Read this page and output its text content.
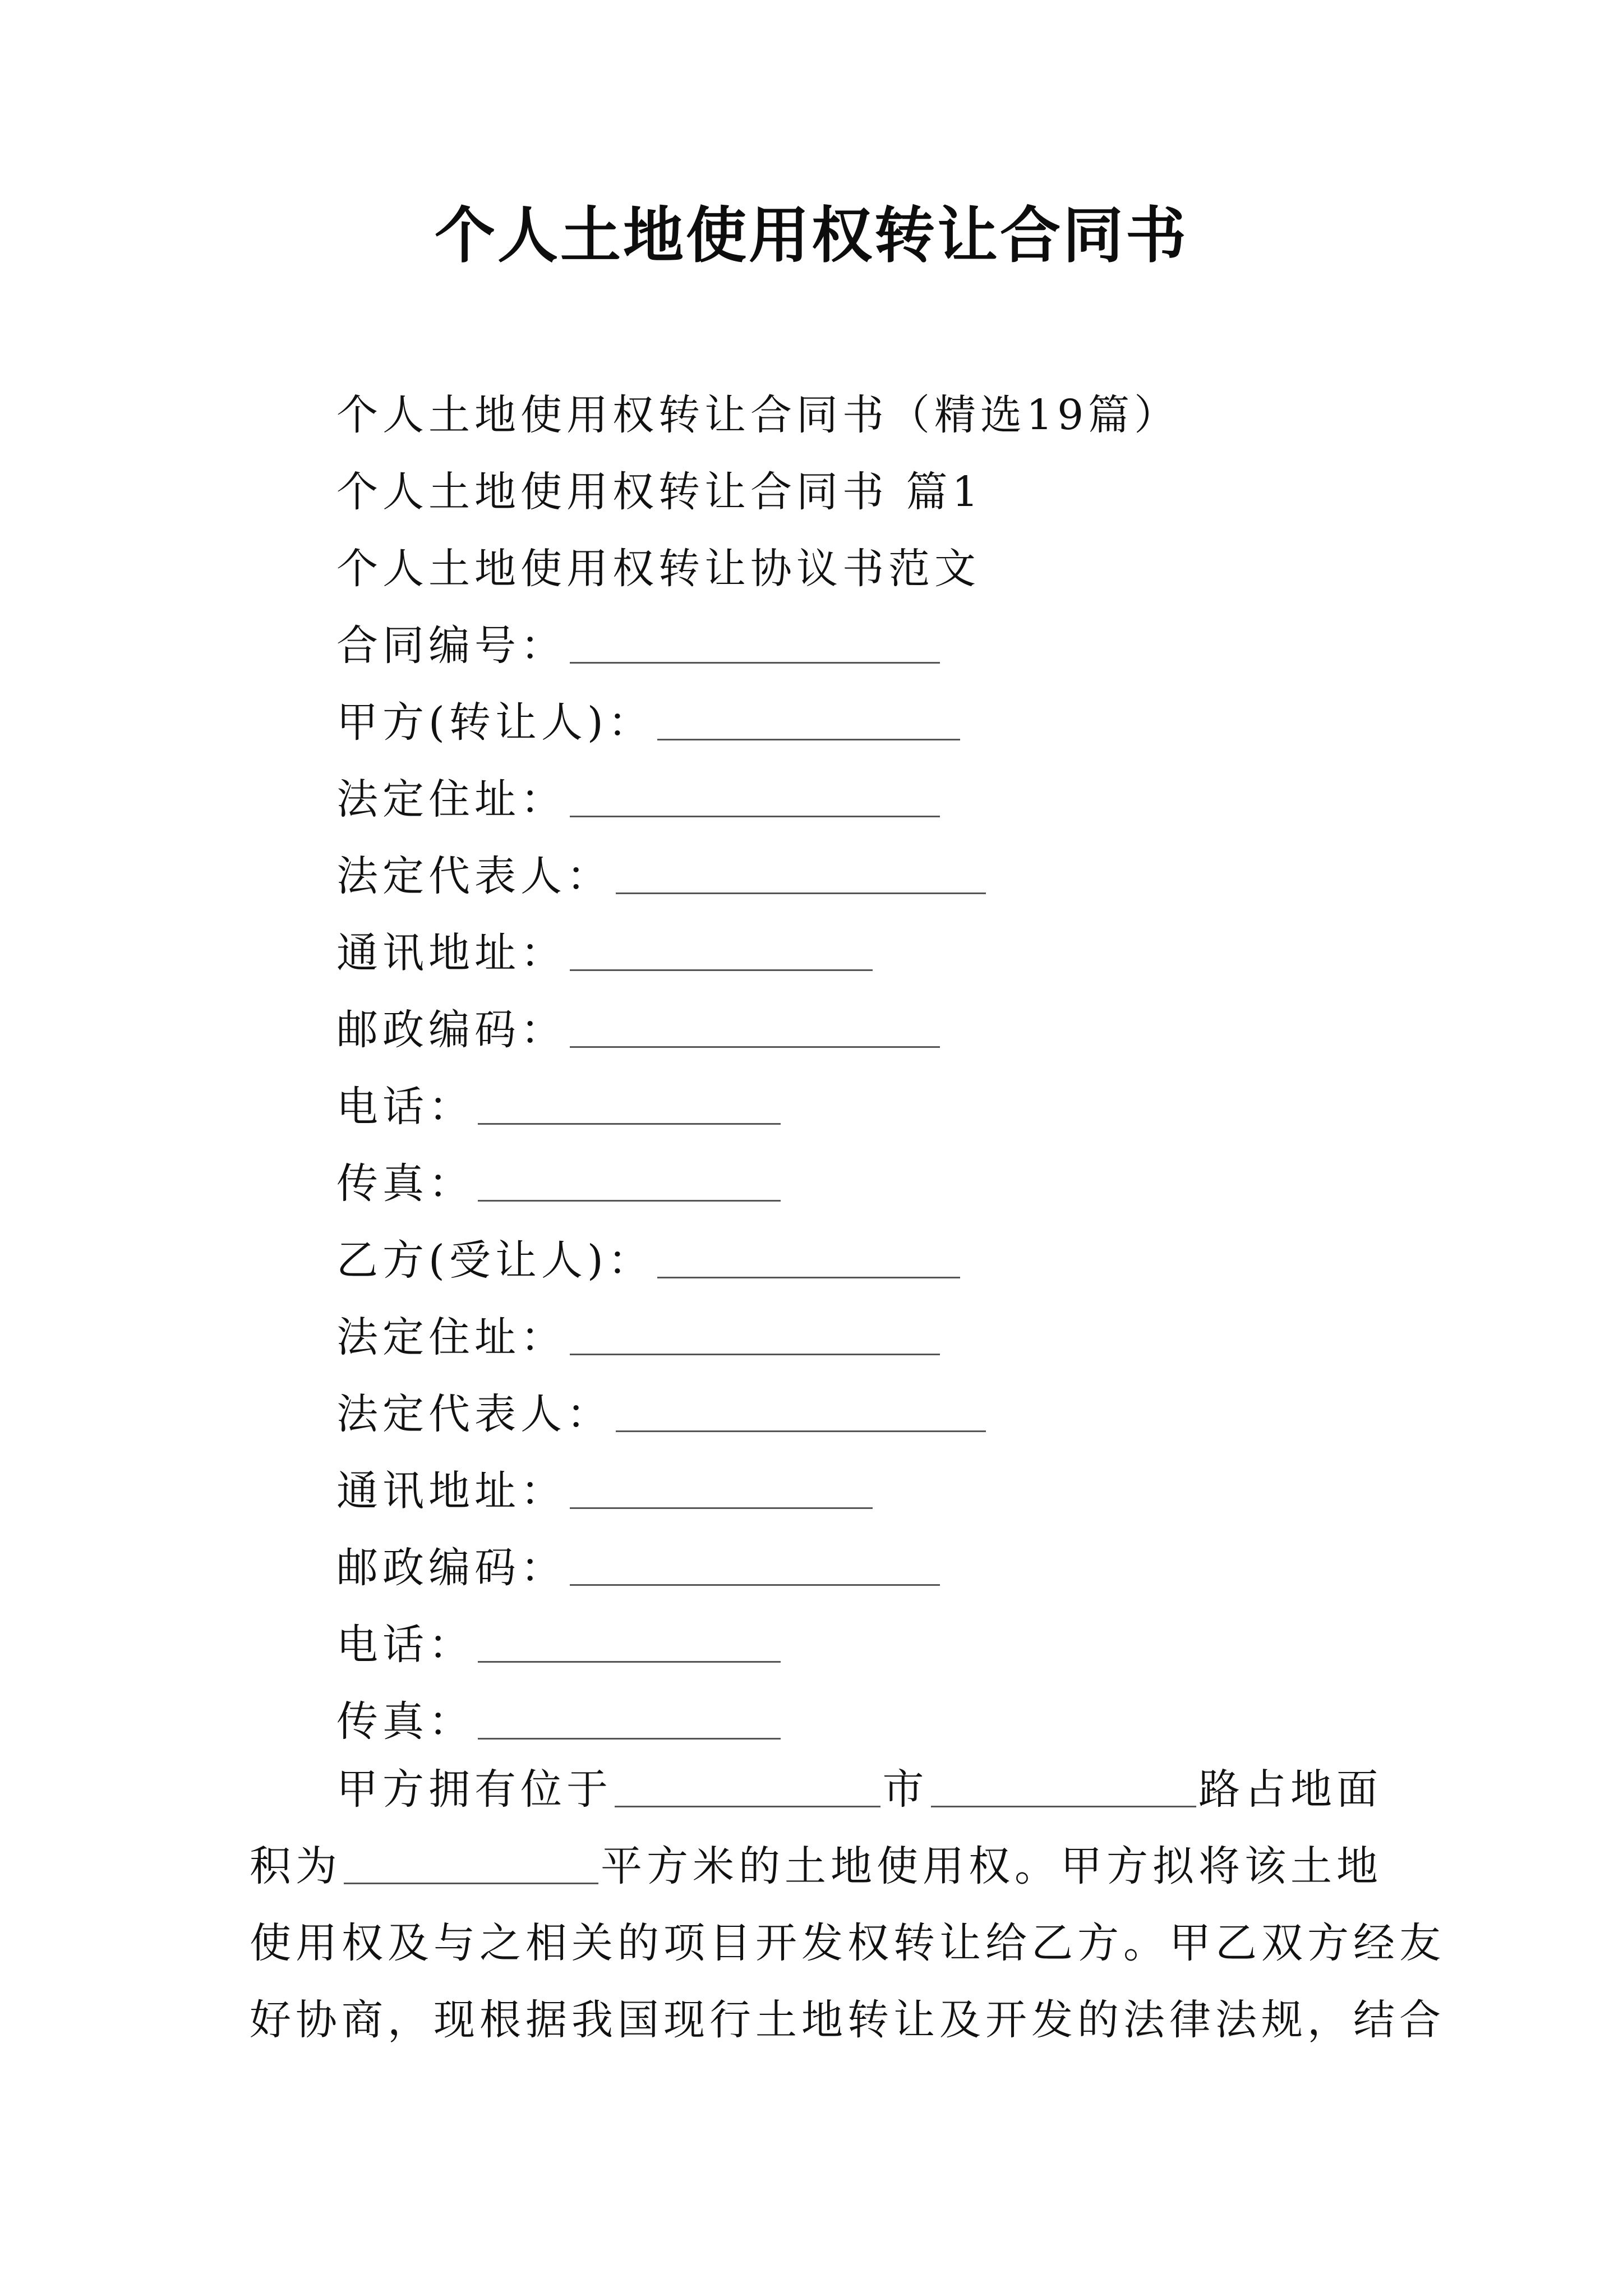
个人土地使用权转让合同书
个人土地使用权转让合同书（精选19篇）
个人土地使用权转让合同书 篇1
个人土地使用权转让协议书范文
合同编号：
甲方(转让人)：
法定住址：
法定代表人：
通讯地址：
邮政编码：
电话：
传真：
乙方(受让人)：
法定住址：
法定代表人：
通讯地址：
邮政编码：
电话：
传真：
甲方拥有位于	市	路占地面
积为	平方米的土地使用权。甲方拟将该土地
使用权及与之相关的项目开发权转让给乙方。甲乙双方经友
好协商，现根据我国现行土地转让及开发的法律法规，结合
